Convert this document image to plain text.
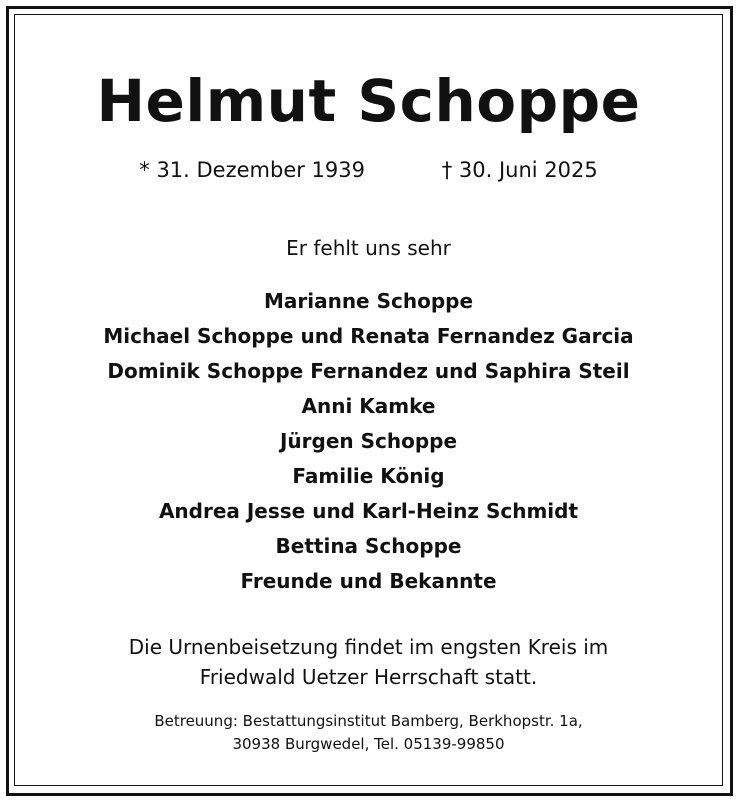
Helmut Schoppe
* 31. Dezember 1939	† 30. Juni 2025
Er fehlt uns sehr
Marianne Schoppe
Michael Schoppe und Renata Fernandez Garcia
Dominik Schoppe Fernandez und Saphira Steil
Anni Kamke
Jürgen Schoppe
Familie König
Andrea Jesse und Karl-Heinz Schmidt
Bettina Schoppe
Freunde und Bekannte
Die Urnenbeisetzung findet im engsten Kreis im
Friedwald Uetzer Herrschaft statt.
Betreuung: Bestattungsinstitut Bamberg, Berkhopstr. 1a,
30938 Burgwedel, Tel. 05139-99850
